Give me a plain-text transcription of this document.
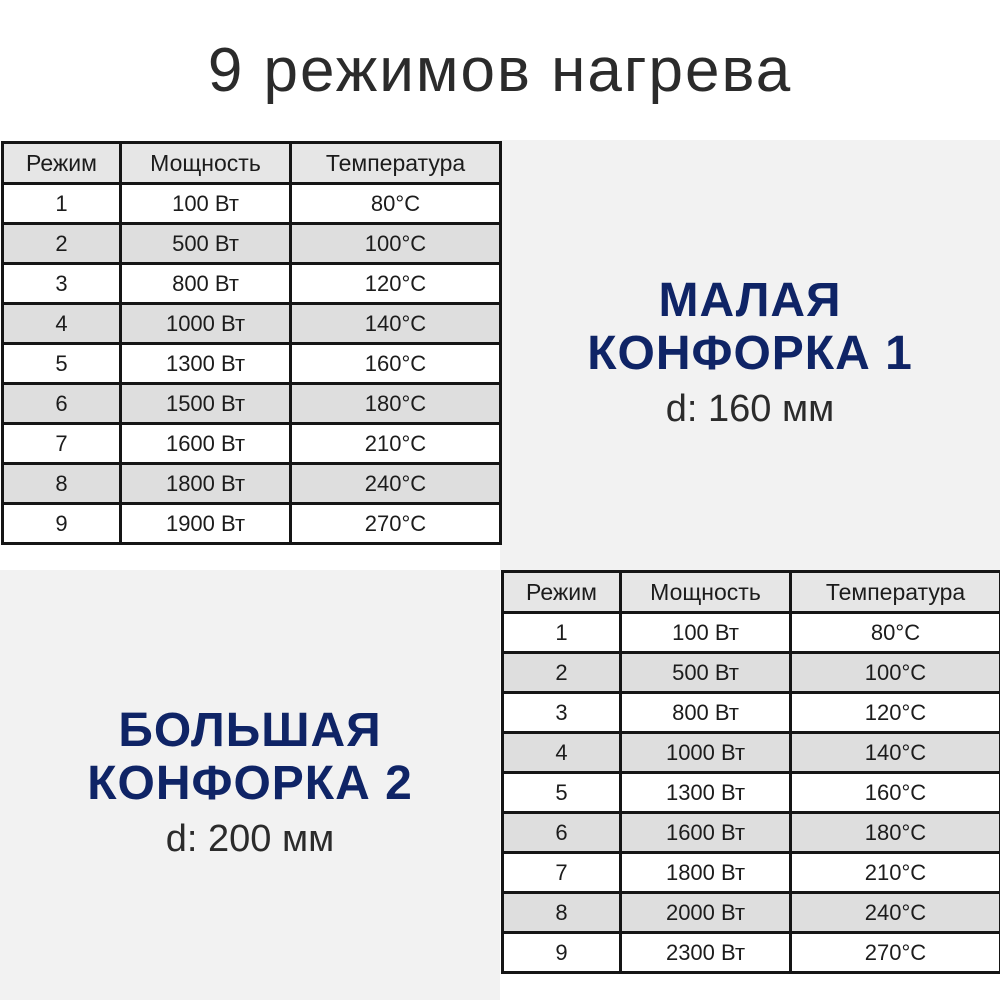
9 режимов нагрева
МАЛАЯ
КОНФОРКА 1
d: 160 мм
БОЛЬШАЯ
КОНФОРКА 2
d: 200 мм
Режим	Мощность	Температура
1	100 Вт	80°C
2	500 Вт	100°C
3	800 Вт	120°C
4	1000 Вт	140°C
5	1300 Вт	160°C
6	1500 Вт	180°C
7	1600 Вт	210°C
8	1800 Вт	240°C
9	1900 Вт	270°C
Режим	Мощность	Температура
1	100 Вт	80°C
2	500 Вт	100°C
3	800 Вт	120°C
4	1000 Вт	140°C
5	1300 Вт	160°C
6	1600 Вт	180°C
7	1800 Вт	210°C
8	2000 Вт	240°C
9	2300 Вт	270°C
